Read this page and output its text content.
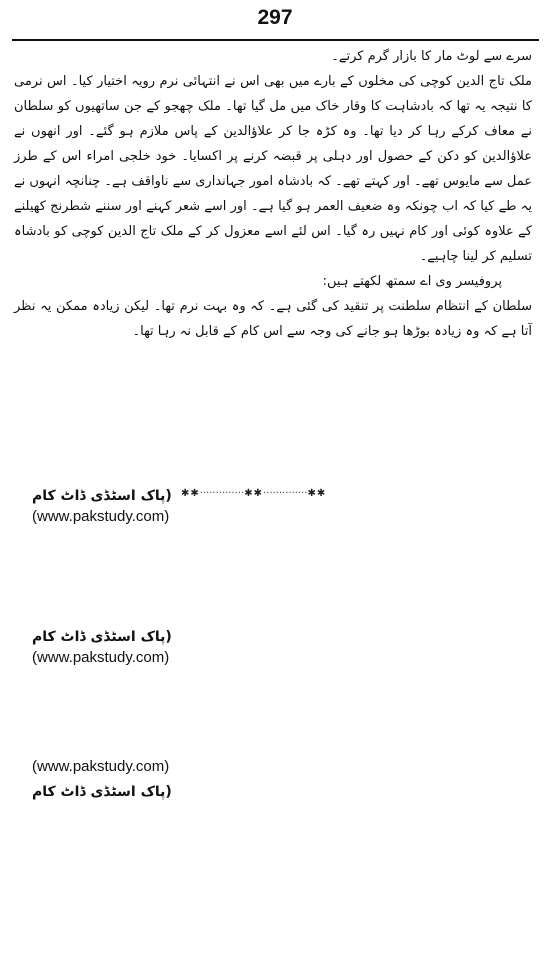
297

سرے سے لوٹ مار کا بازار گرم کرتے۔

ملک تاج الدین کوچی کی مخلوں کے بارے میں بھی اس نے انتہائی نرم رویہ اختیار کیا۔ اس نرمی کا نتیجہ یہ تھا کہ بادشاہت کا وقار خاک میں مل گیا تھا۔ ملک چھجو کے جن ساتھیوں کو سلطان نے معاف کرکے رہا کر دیا تھا۔ وہ کڑہ جا کر علاؤالدین کے پاس ملازم ہو گئے۔ اور انھوں نے علاؤالدین کو دکن کے حصول اور دہلی پر قبضہ کرنے پر اکسایا۔ خود خلجی امراء اس کے طرز عمل سے مایوس تھے۔ اور کہتے تھے۔ کہ بادشاہ امور جہانداری سے ناواقف ہے۔ چنانچہ انہوں نے یہ طے کیا کہ اب چونکہ وہ ضعیف العمر ہو گیا ہے۔ اور اسے شعر کہنے اور سننے شطرنج کھیلنے کے علاوہ کوئی اور کام نہیں رہ گیا۔ اس لئے اسے معزول کر کے ملک تاج الدین کوچی کو بادشاہ تسلیم کر لینا چاہیے۔

پروفیسر وی اے سمتھ لکھتے ہیں:

سلطان کے انتظام سلطنت پر تنقید کی گئی ہے۔ کہ وہ بہت نرم تھا۔ لیکن زیادہ ممکن یہ نظر آتا ہے کہ وہ زیادہ بوڑھا ہو جانے کی وجہ سے اس کام کے قابل نہ رہا تھا۔

(پاک اسٹڈی ڈاٹ کام ✱✱··············✱✱··············✱✱
(www.pakstudy.com)
(پاک اسٹڈی ڈاٹ کام
(www.pakstudy.com)
(www.pakstudy.com)
(پاک اسٹڈی ڈاٹ کام
